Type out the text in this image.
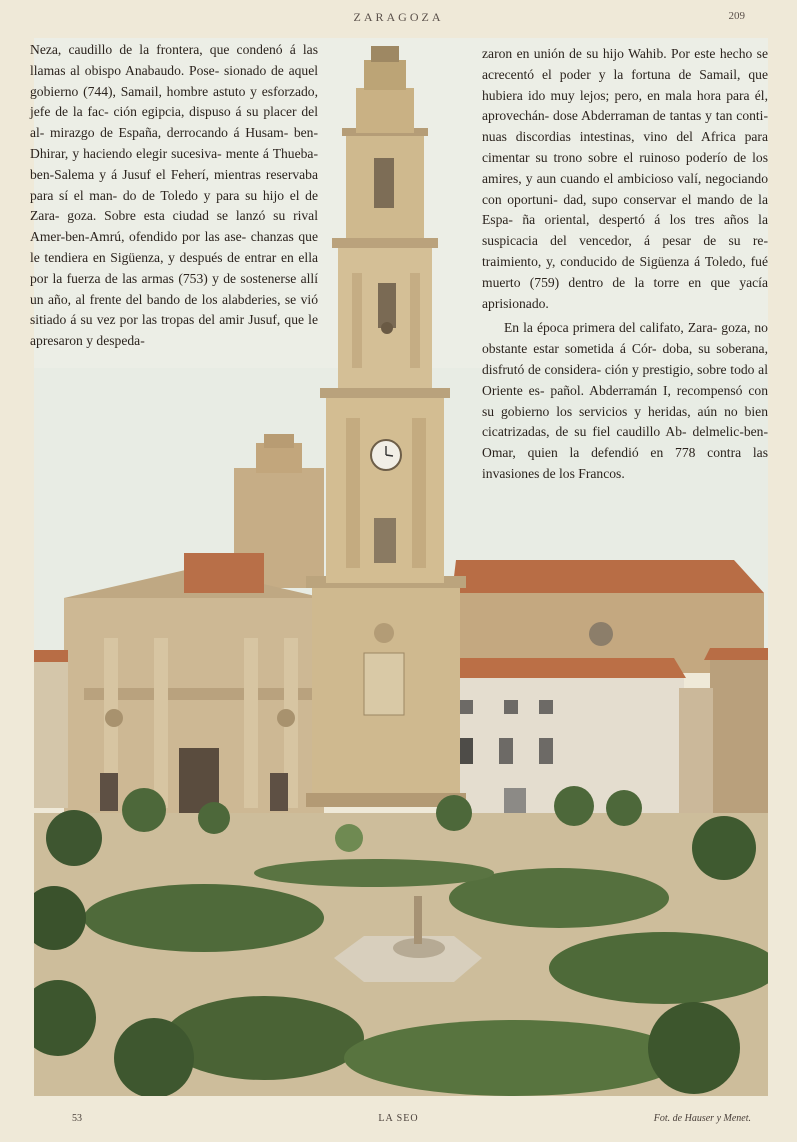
ZARAGOZA	209

Neza, caudillo de la frontera, que condenó á las llamas al obispo Anabaudo. Pose- sionado de aquel gobierno (744), Samail, hombre astuto y esforzado, jefe de la fac- ción egipcia, dispuso á su placer del al- mirazgo de España, derrocando á Husam- ben-Dhirar, y haciendo elegir sucesiva- mente á Thueba-ben-Salema y á Jusuf el Feherí, mientras reservaba para sí el man- do de Toledo y para su hijo el de Zara- goza. Sobre esta ciudad se lanzó su rival Amer-ben-Amrú, ofendido por las ase- chanzas que le tendiera en Sigüenza, y después de entrar en ella por la fuerza de las armas (753) y de sostenerse allí un año, al frente del bando de los alabderies, se vió sitiado á su vez por las tropas del amir Jusuf, que le apresaron y despeda-

zaron en unión de su hijo Wahib. Por este hecho se acrecentó el poder y la fortuna de Samail, que hubiera ido muy lejos; pero, en mala hora para él, aprovechán- dose Abderraman de tantas y tan conti- nuas discordias intestinas, vino del Africa para cimentar su trono sobre el ruinoso poderío de los amires, y aun cuando el ambicioso valí, negociando con oportuni- dad, supo conservar el mando de la Espa- ña oriental, despertó á los tres años la suspicacia del vencedor, á pesar de su re- traimiento, y, conducido de Sigüenza á Toledo, fué muerto (759) dentro de la torre en que yacía aprisionado.

En la época primera del califato, Zara- goza, no obstante estar sometida á Cór- doba, su soberana, disfrutó de considera- ción y prestigio, sobre todo al Oriente es- pañol. Abderramán I, recompensó con su gobierno los servicios y heridas, aún no bien cicatrizadas, de su fiel caudillo Ab- delmelic-ben-Omar, quien la defendió en 778 contra las invasiones de los Francos.

53	LA SEO	Fot. de Hauser y Menet.
